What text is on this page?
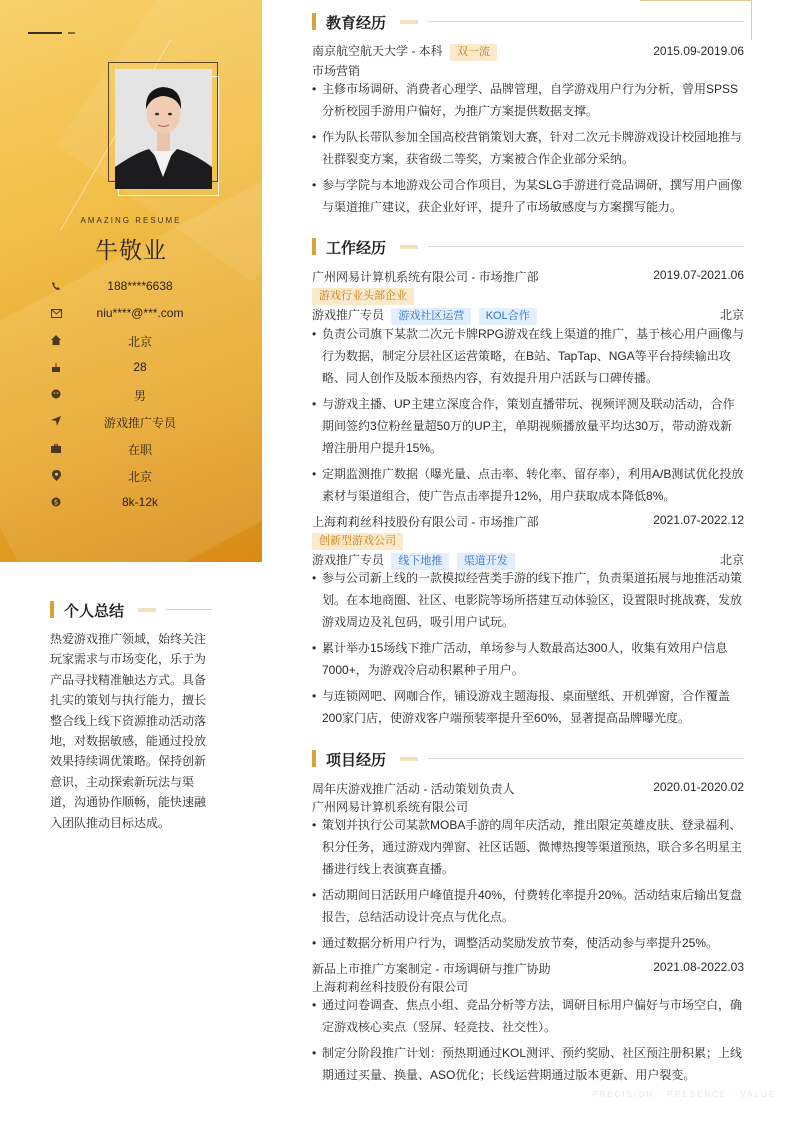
AMAZING RESUME
牛敬业
188****6638
niu****@***.com
北京
28
男
游戏推广专员
在职
北京
$	8k-12k
个人总结
热爱游戏推广领域，始终关注玩家需求与市场变化，乐于为产品寻找精准触达方式。具备扎实的策划与执行能力，擅长整合线上线下资源推动活动落地，对数据敏感，能通过投放效果持续调优策略。保持创新意识，主动探索新玩法与渠道，沟通协作顺畅，能快速融入团队推动目标达成。
教育经历
南京航空航天大学 - 本科 双一流	2015.09-2019.06
市场营销
• 主修市场调研、消费者心理学、品牌管理，自学游戏用户行为分析，曾用SPSS分析校园手游用户偏好，为推广方案提供数据支撑。
• 作为队长带队参加全国高校营销策划大赛，针对二次元卡牌游戏设计校园地推与社群裂变方案，获省级二等奖，方案被合作企业部分采纳。
• 参与学院与本地游戏公司合作项目，为某SLG手游进行竞品调研，撰写用户画像与渠道推广建议，获企业好评，提升了市场敏感度与方案撰写能力。
工作经历
广州网易计算机系统有限公司 - 市场推广部	2019.07-2021.06
游戏行业头部企业
游戏推广专员 游戏社区运营 KOL合作	北京
• 负责公司旗下某款二次元卡牌RPG游戏在线上渠道的推广，基于核心用户画像与行为数据，制定分层社区运营策略，在B站、TapTap、NGA等平台持续输出攻略、同人创作及版本预热内容，有效提升用户活跃与口碑传播。
• 与游戏主播、UP主建立深度合作，策划直播带玩、视频评测及联动活动，合作期间签约3位粉丝量超50万的UP主，单期视频播放量平均达30万，带动游戏新增注册用户提升15%。
• 定期监测推广数据（曝光量、点击率、转化率、留存率），利用A/B测试优化投放素材与渠道组合，使广告点击率提升12%，用户获取成本降低8%。
上海莉莉丝科技股份有限公司 - 市场推广部	2021.07-2022.12
创新型游戏公司
游戏推广专员 线下地推 渠道开发	北京
• 参与公司新上线的一款模拟经营类手游的线下推广，负责渠道拓展与地推活动策划。在本地商圈、社区、电影院等场所搭建互动体验区，设置限时挑战赛，发放游戏周边及礼包码，吸引用户试玩。
• 累计举办15场线下推广活动，单场参与人数最高达300人，收集有效用户信息7000+，为游戏冷启动积累种子用户。
• 与连锁网吧、网咖合作，铺设游戏主题海报、桌面壁纸、开机弹窗，合作覆盖200家门店，使游戏客户端预装率提升至60%，显著提高品牌曝光度。
项目经历
周年庆游戏推广活动 - 活动策划负责人	2020.01-2020.02
广州网易计算机系统有限公司
• 策划并执行公司某款MOBA手游的周年庆活动，推出限定英雄皮肤、登录福利、积分任务，通过游戏内弹窗、社区话题、微博热搜等渠道预热，联合多名明星主播进行线上表演赛直播。
• 活动期间日活跃用户峰值提升40%，付费转化率提升20%。活动结束后输出复盘报告，总结活动设计亮点与优化点。
• 通过数据分析用户行为，调整活动奖励发放节奏，使活动参与率提升25%。
新品上市推广方案制定 - 市场调研与推广协助	2021.08-2022.03
上海莉莉丝科技股份有限公司
• 通过问卷调查、焦点小组、竞品分析等方法，调研目标用户偏好与市场空白，确定游戏核心卖点（竖屏、轻竞技、社交性）。
• 制定分阶段推广计划：预热期通过KOL测评、预约奖励、社区预注册积累；上线期通过买量、换量、ASO优化；长线运营期通过版本更新、用户裂变。
PRECISION · PRESENCE · VALUE
